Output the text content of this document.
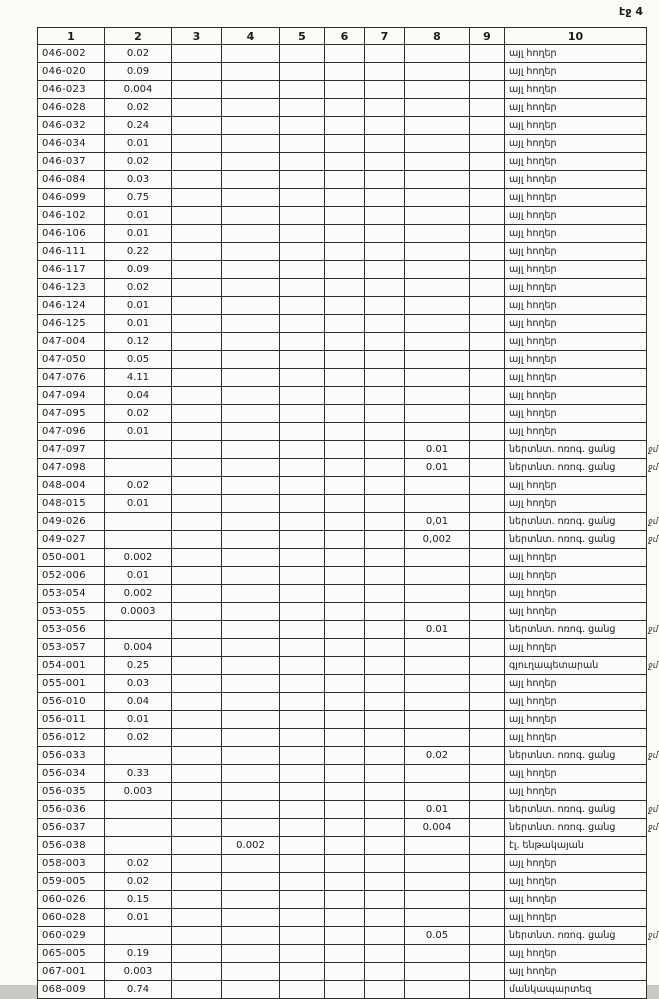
էջ 4
1	2	3	4	5	6	7	8	9	10
046-002	0.02								այլ հողեր
046-020	0.09								այլ հողեր
046-023	0.004								այլ հողեր
046-028	0.02								այլ հողեր
046-032	0.24								այլ հողեր
046-034	0.01								այլ հողեր
046-037	0.02								այլ հողեր
046-084	0.03								այլ հողեր
046-099	0.75								այլ հողեր
046-102	0.01								այլ հողեր
046-106	0.01								այլ հողեր
046-111	0.22								այլ հողեր
046-117	0.09								այլ հողեր
046-123	0.02								այլ հողեր
046-124	0.01								այլ հողեր
046-125	0.01								այլ հողեր
047-004	0.12								այլ հողեր
047-050	0.05								այլ հողեր
047-076	4.11								այլ հողեր
047-094	0.04								այլ հողեր
047-095	0.02								այլ հողեր
047-096	0.01								այլ հողեր
047-097							0.01		ներտնտ. ոռոգ. ցանց
047-098							0.01		ներտնտ. ոռոգ. ցանց
048-004	0.02								այլ հողեր
048-015	0.01								այլ հողեր
049-026							0,01		ներտնտ. ոռոգ. ցանց
049-027							0,002		ներտնտ. ոռոգ. ցանց
050-001	0.002								այլ հողեր
052-006	0.01								այլ հողեր
053-054	0.002								այլ հողեր
053-055	0.0003								այլ հողեր
053-056							0.01		ներտնտ. ոռոգ. ցանց
053-057	0.004								այլ հողեր
054-001	0.25								գյուղապետարան
055-001	0.03								այլ հողեր
056-010	0.04								այլ հողեր
056-011	0.01								այլ հողեր
056-012	0.02								այլ հողեր
056-033							0.02		ներտնտ. ոռոգ. ցանց
056-034	0.33								այլ հողեր
056-035	0.003								այլ հողեր
056-036							0.01		ներտնտ. ոռոգ. ցանց
056-037							0.004		ներտնտ. ոռոգ. ցանց
056-038			0.002						էլ. ենթակայան
058-003	0.02								այլ հողեր
059-005	0.02								այլ հողեր
060-026	0.15								այլ հողեր
060-028	0.01								այլ հողեր
060-029							0.05		ներտնտ. ոռոգ. ցանց
065-005	0.19								այլ հողեր
067-001	0.003								այլ հողեր
068-009	0.74								մանկապարտեզ
ջմ
ջմ
ջմ
ջմ
ջմ
ջմ
ջմ
ջմ
ջմ
ջմ
